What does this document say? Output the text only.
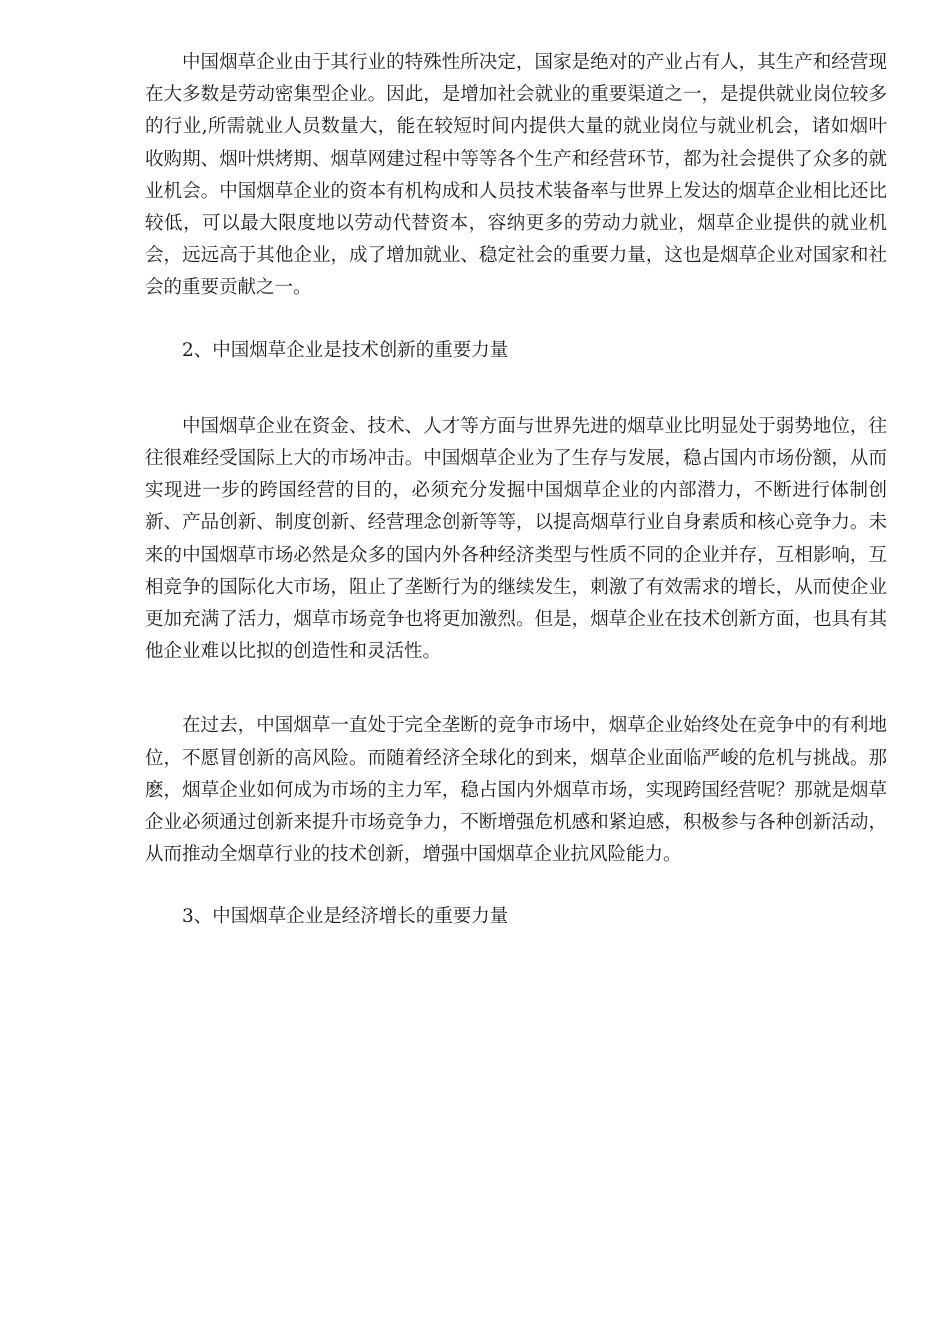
中国烟草企业由于其行业的特殊性所决定，国家是绝对的产业占有人，其生产和经营现在大多数是劳动密集型企业。因此，是增加社会就业的重要渠道之一，是提供就业岗位较多的行业,所需就业人员数量大，能在较短时间内提供大量的就业岗位与就业机会，诸如烟叶收购期、烟叶烘烤期、烟草网建过程中等等各个生产和经营环节，都为社会提供了众多的就业机会。中国烟草企业的资本有机构成和人员技术装备率与世界上发达的烟草企业相比还比较低，可以最大限度地以劳动代替资本，容纳更多的劳动力就业，烟草企业提供的就业机会，远远高于其他企业，成了增加就业、稳定社会的重要力量，这也是烟草企业对国家和社会的重要贡献之一。

2、中国烟草企业是技术创新的重要力量

中国烟草企业在资金、技术、人才等方面与世界先进的烟草业比明显处于弱势地位，往往很难经受国际上大的市场冲击。中国烟草企业为了生存与发展，稳占国内市场份额，从而实现进一步的跨国经营的目的，必须充分发掘中国烟草企业的内部潜力，不断进行体制创新、产品创新、制度创新、经营理念创新等等，以提高烟草行业自身素质和核心竞争力。未来的中国烟草市场必然是众多的国内外各种经济类型与性质不同的企业并存，互相影响，互相竞争的国际化大市场，阻止了垄断行为的继续发生，刺激了有效需求的增长，从而使企业更加充满了活力，烟草市场竞争也将更加激烈。但是，烟草企业在技术创新方面，也具有其他企业难以比拟的创造性和灵活性。

在过去，中国烟草一直处于完全垄断的竞争市场中，烟草企业始终处在竞争中的有利地位，不愿冒创新的高风险。而随着经济全球化的到来，烟草企业面临严峻的危机与挑战。那麽，烟草企业如何成为市场的主力军，稳占国内外烟草市场，实现跨国经营呢？那就是烟草企业必须通过创新来提升市场竞争力，不断增强危机感和紧迫感，积极参与各种创新活动，从而推动全烟草行业的技术创新，增强中国烟草企业抗风险能力。

3、中国烟草企业是经济增长的重要力量
